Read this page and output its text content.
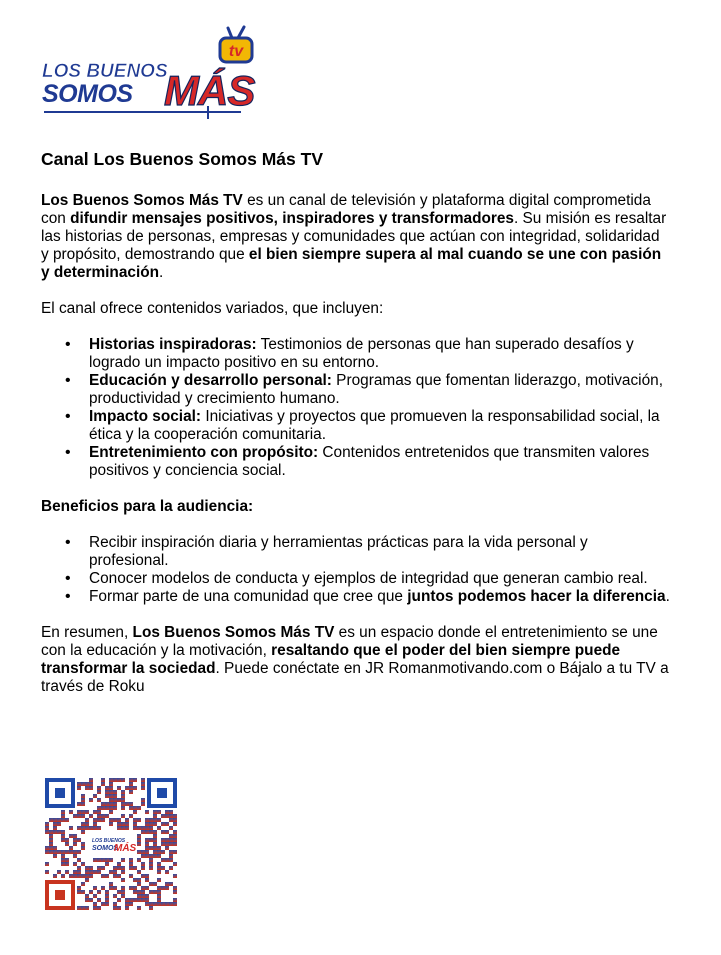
tv
LOS BUENOS
SOMOS MÁS
Canal Los Buenos Somos Más TV

Los Buenos Somos Más TV es un canal de televisión y plataforma digital comprometida con difundir mensajes positivos, inspiradores y transformadores. Su misión es resaltar las historias de personas, empresas y comunidades que actúan con integridad, solidaridad y propósito, demostrando que el bien siempre supera al mal cuando se une con pasión y determinación.

El canal ofrece contenidos variados, que incluyen:

• Historias inspiradoras: Testimonios de personas que han superado desafíos y logrado un impacto positivo en su entorno.
• Educación y desarrollo personal: Programas que fomentan liderazgo, motivación, productividad y crecimiento humano.
• Impacto social: Iniciativas y proyectos que promueven la responsabilidad social, la ética y la cooperación comunitaria.
• Entretenimiento con propósito: Contenidos entretenidos que transmiten valores positivos y conciencia social.

Beneficios para la audiencia:

• Recibir inspiración diaria y herramientas prácticas para la vida personal y profesional.
• Conocer modelos de conducta y ejemplos de integridad que generan cambio real.
• Formar parte de una comunidad que cree que juntos podemos hacer la diferencia.

En resumen, Los Buenos Somos Más TV es un espacio donde el entretenimiento se une con la educación y la motivación, resaltando que el poder del bien siempre puede transformar la sociedad. Puede conéctate en JR Romanmotivando.com o Bájalo a tu TV a través de Roku

LOS BUENOS
SOMOS
MÁS
